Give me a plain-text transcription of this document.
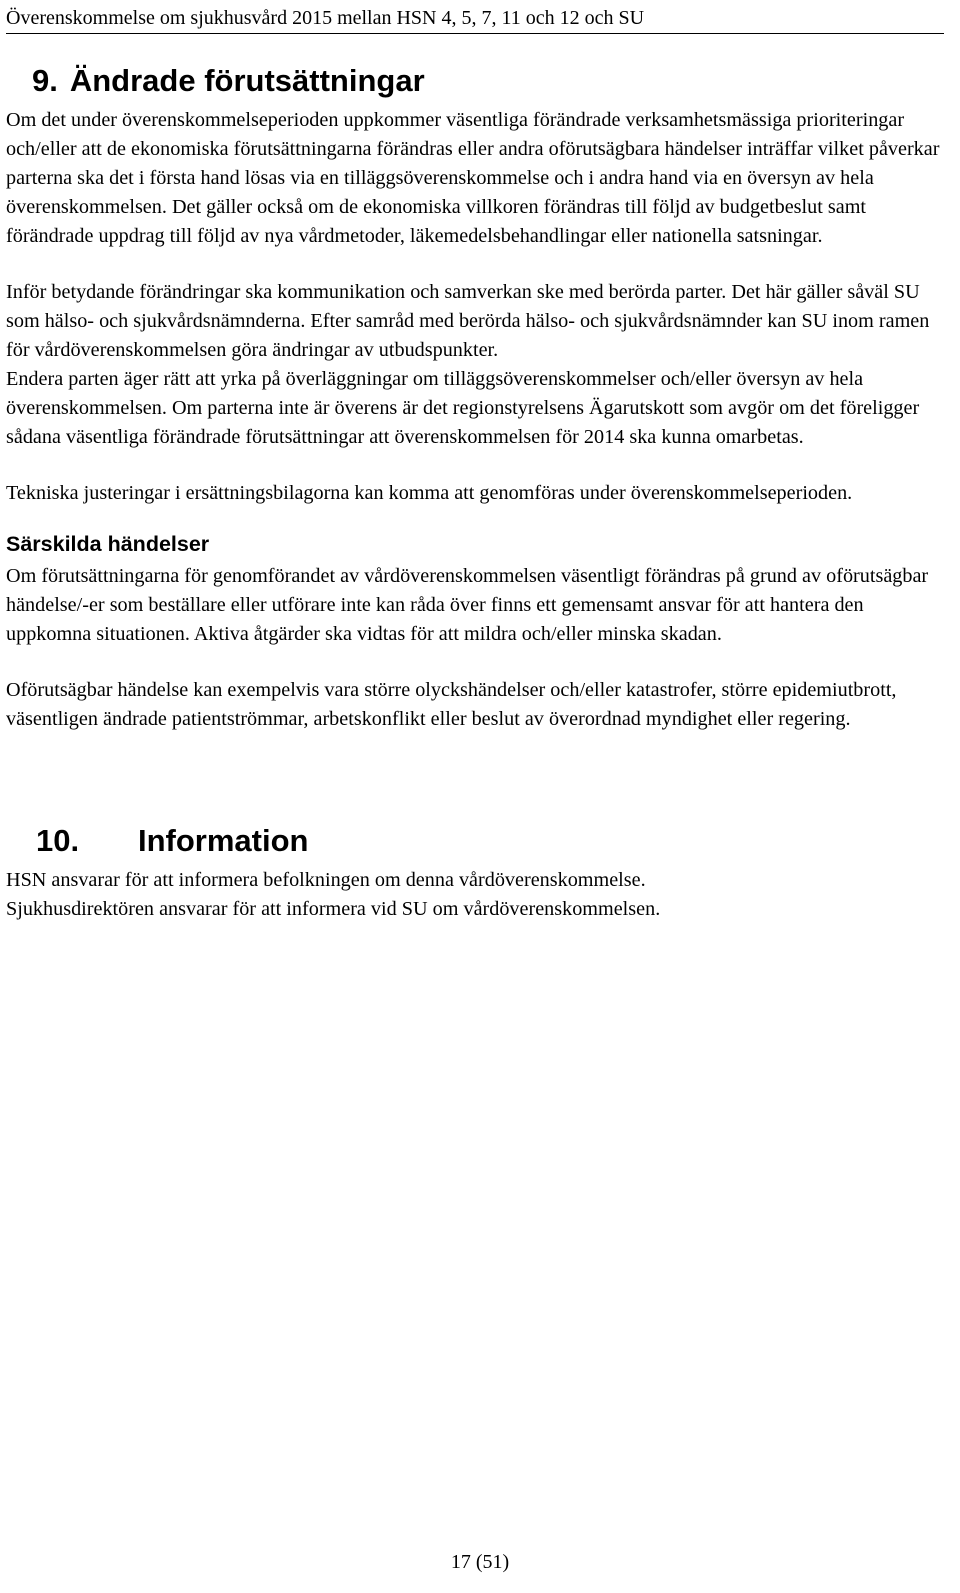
Överenskommelse om sjukhusvård 2015 mellan HSN 4, 5, 7, 11 och 12 och SU
9. Ändrade förutsättningar

Om det under överenskommelseperioden uppkommer väsentliga förändrade verksamhetsmässiga prioriteringar och/eller att de ekonomiska förutsättningarna förändras eller andra oförutsägbara händelser inträffar vilket påverkar parterna ska det i första hand lösas via en tilläggsöverenskommelse och i andra hand via en översyn av hela överenskommelsen. Det gäller också om de ekonomiska villkoren förändras till följd av budgetbeslut samt förändrade uppdrag till följd av nya vårdmetoder, läkemedelsbehandlingar eller nationella satsningar.

Inför betydande förändringar ska kommunikation och samverkan ske med berörda parter. Det här gäller såväl SU som hälso- och sjukvårdsnämnderna. Efter samråd med berörda hälso- och sjukvårdsnämnder kan SU inom ramen för vårdöverenskommelsen göra ändringar av utbudspunkter.

Endera parten äger rätt att yrka på överläggningar om tilläggsöverenskommelser och/eller översyn av hela överenskommelsen. Om parterna inte är överens är det regionstyrelsens Ägarutskott som avgör om det föreligger sådana väsentliga förändrade förutsättningar att överenskommelsen för 2014 ska kunna omarbetas.

Tekniska justeringar i ersättningsbilagorna kan komma att genomföras under överenskommelseperioden.

Särskilda händelser

Om förutsättningarna för genomförandet av vårdöverenskommelsen väsentligt förändras på grund av oförutsägbar händelse/-er som beställare eller utförare inte kan råda över finns ett gemensamt ansvar för att hantera den uppkomna situationen. Aktiva åtgärder ska vidtas för att mildra och/eller minska skadan.

Oförutsägbar händelse kan exempelvis vara större olyckshändelser och/eller katastrofer, större epidemiutbrott, väsentligen ändrade patientströmmar, arbetskonflikt eller beslut av överordnad myndighet eller regering.

10. Information

HSN ansvarar för att informera befolkningen om denna vårdöverenskommelse.

Sjukhusdirektören ansvarar för att informera vid SU om vårdöverenskommelsen.

17 (51)
